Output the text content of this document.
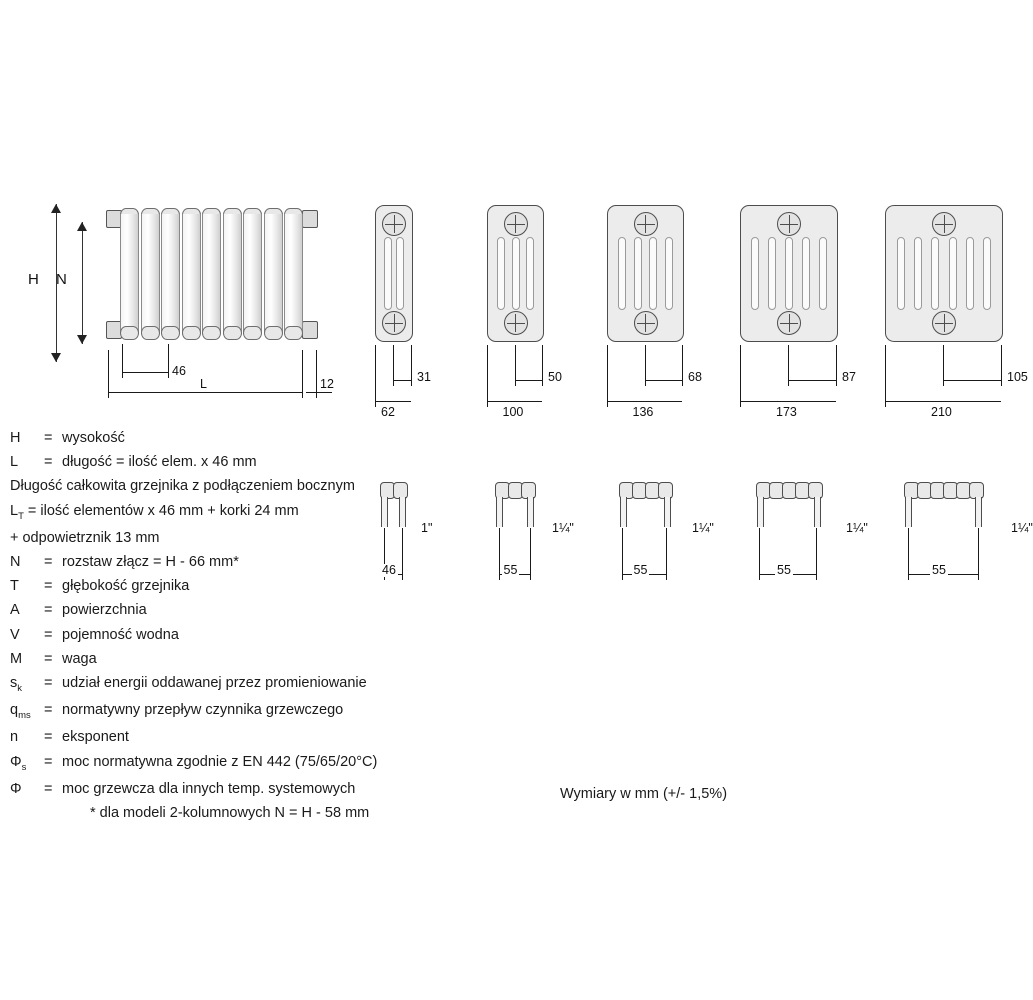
H N
46
L	12	31
62
50
100
68
136
87
173
105
210
1"
46
1¼"
55
1¼"
55
1¼"
55
1¼"
55
H	= wysokość
L	= długość = ilość elem. x 46 mm
Długość całkowita grzejnika z podłączeniem bocznym
$L_T$ = ilość elementów x 46 mm + korki 24 mm
+ odpowietrznik 13 mm
N	= rozstaw złącz = H - 66 mm*
T	= głębokość grzejnika
A	= powierzchnia
V	= pojemność wodna
M	= waga
$s_k$	= udział energii oddawanej przez promieniowanie
$q_{ms}$ = normatywny przepływ czynnika grzewczego
n	= eksponent
$\Phi_s$	= moc normatywna zgodnie z EN 442 (75/65/20°C)
Φ	= moc grzewcza dla innych temp. systemowych
* dla modeli 2-kolumnowych N = H - 58 mm
Wymiary w mm (+/- 1,5%)
